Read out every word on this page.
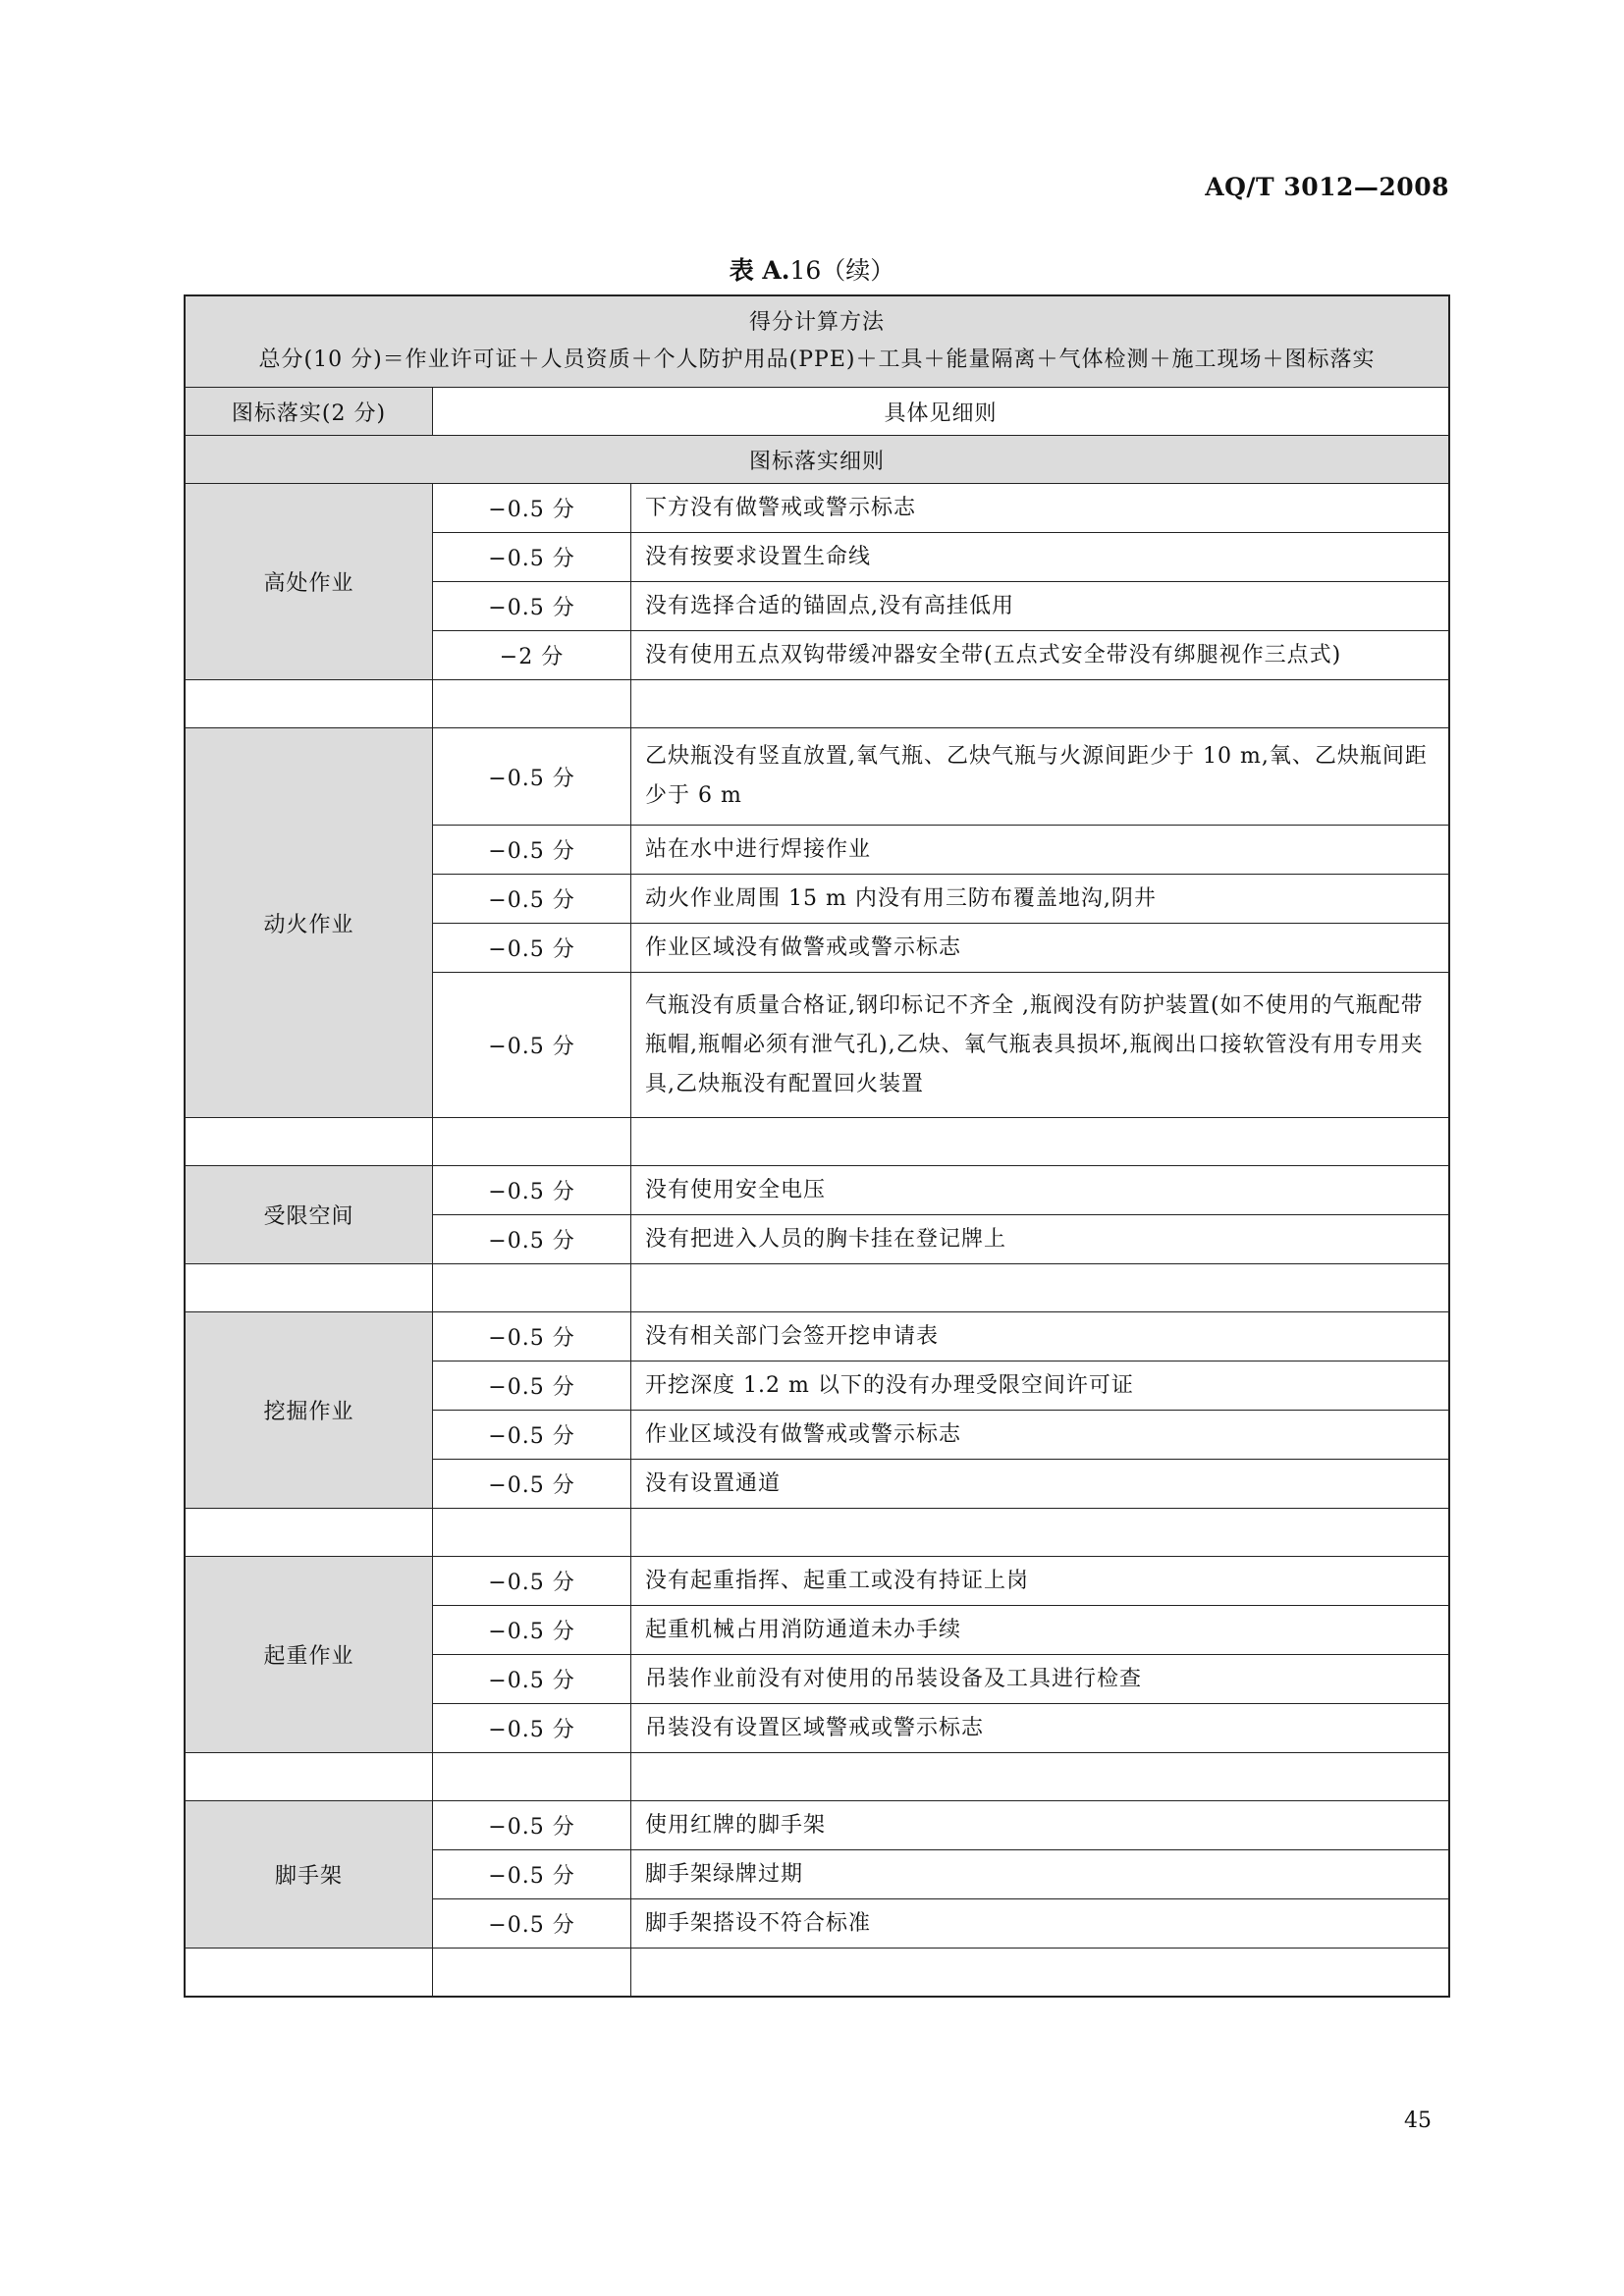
AQ/T 3012—2008
表 A.16（续）
得分计算方法
总分(10 分)＝作业许可证＋人员资质＋个人防护用品(PPE)＋工具＋能量隔离＋气体检测＋施工现场＋图标落实		

图标落实(2 分)	具体见细则	
图标落实细则		
高处作业	−0.5 分	下方没有做警戒或警示标志
	−0.5 分	没有按要求设置生命线
	−0.5 分	没有选择合适的锚固点,没有高挂低用
	−2 分	没有使用五点双钩带缓冲器安全带(五点式安全带没有绑腿视作三点式)

动火作业	−0.5 分	乙炔瓶没有竖直放置,氧气瓶、乙炔气瓶与火源间距少于 10 m,氧、乙炔瓶间距少于 6 m
	−0.5 分	站在水中进行焊接作业
	−0.5 分	动火作业周围 15 m 内没有用三防布覆盖地沟,阴井
	−0.5 分	作业区域没有做警戒或警示标志
	−0.5 分	气瓶没有质量合格证,钢印标记不齐全 ,瓶阀没有防护装置(如不使用的气瓶配带瓶帽,瓶帽必须有泄气孔),乙炔、氧气瓶表具损坏,瓶阀出口接软管没有用专用夹具,乙炔瓶没有配置回火装置

受限空间	−0.5 分	没有使用安全电压
	−0.5 分	没有把进入人员的胸卡挂在登记牌上

挖掘作业	−0.5 分	没有相关部门会签开挖申请表
	−0.5 分	开挖深度 1.2 m 以下的没有办理受限空间许可证
	−0.5 分	作业区域没有做警戒或警示标志
	−0.5 分	没有设置通道

起重作业	−0.5 分	没有起重指挥、起重工或没有持证上岗
	−0.5 分	起重机械占用消防通道未办手续
	−0.5 分	吊装作业前没有对使用的吊装设备及工具进行检查
	−0.5 分	吊装没有设置区域警戒或警示标志

脚手架	−0.5 分	使用红牌的脚手架
	−0.5 分	脚手架绿牌过期
	−0.5 分	脚手架搭设不符合标准

45
